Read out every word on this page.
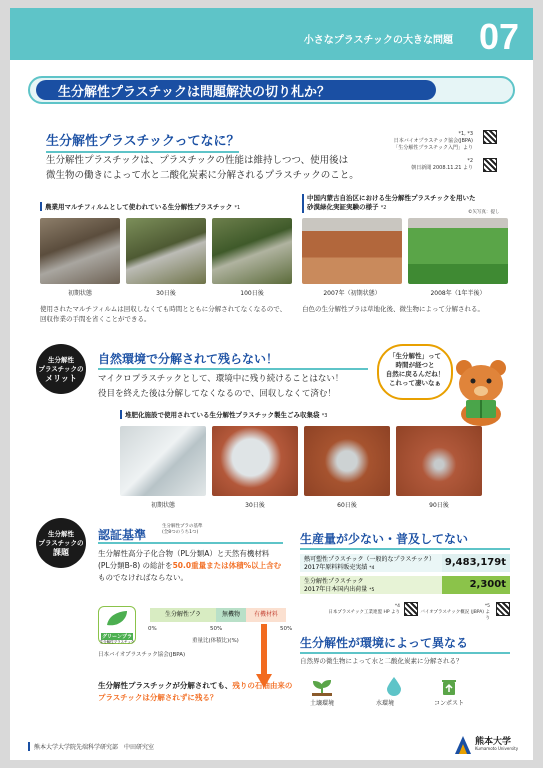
小さなプラスチックの大きな問題 07
生分解性プラスチックは問題解決の切り札か？
生分解性プラスチックってなに？
生分解性プラスチックは、プラスチックの性能は維持しつつ、使用後は
微生物の働きによって水と二酸化炭素に分解されるプラスチックのこと。
*1, *3
日本バイオプラスチック協会(JBPA)
「生分解性プラスチック入門」より
*2
朝日新聞 2008.11.21 より
農業用マルチフィルムとして使われている生分解性プラスチック *1
初期状態	30日後	100日後
使用されたマルチフィルムは回収しなくても時間とともに分解されてなくなるので、
回収作業の手間を省くことができる。
中国内蒙古自治区における生分解性プラスチックを用いた
砂漠緑化実証実験の様子 *2
©矢写真：提し
2007年（初期状態）	2008年（1年半後）
白色の生分解性プラは草地化後、微生物によって分解される。
生分解性
プラスチックの
メリット
自然環境で分解されて残らない！
マイクロプラスチックとして、環境中に残り続けることはない！
役目を終えた後は分解してなくなるので、回収しなくて済む！
「生分解性」って
時間が経つと
自然に戻るんだね！
これって凄いなぁ
堆肥化施設で使用されている生分解性プラスチック製生ごみ収集袋 *3
初期状態	30日後	60日後	90日後
生分解性
プラスチックの
課題
認証基準
生分解性プラの基準
(全8つのうち1つ)
生分解性高分子化合物（PL分類A）と天然有機材料
(PL分類B-8) の総計を50.0重量または体積%以上含む
ものでなければならない。
グリーンプラ
生分解性プラスチック
生分解性プラ	無機物	有機材料
0%	50%	50%
重量比(体積比)(%)
日本バイオプラスチック協会(JBPA)
生分解性プラスチックが分解されても、残りの石油由来の
プラスチックは分解されずに残る？
生産量が少ない・普及してない
熱可塑性プラスチック（一般的なプラスチック）
2017年原料料販売実績 *4
9,483,179t
生分解性プラスチック
2017年日本国内出荷量 *5
2,300t
*4
日本プラスチック工業連盟 HP より
*5
バイオプラスチック概況 (JBPA) より
生分解性が環境によって異なる
自然界の微生物によって水と二酸化炭素に分解される？
土壌環境	水環境	コンポスト
熊本大学大学院先端科学研究部　中田研究室
熊本大学
Kumamoto University
